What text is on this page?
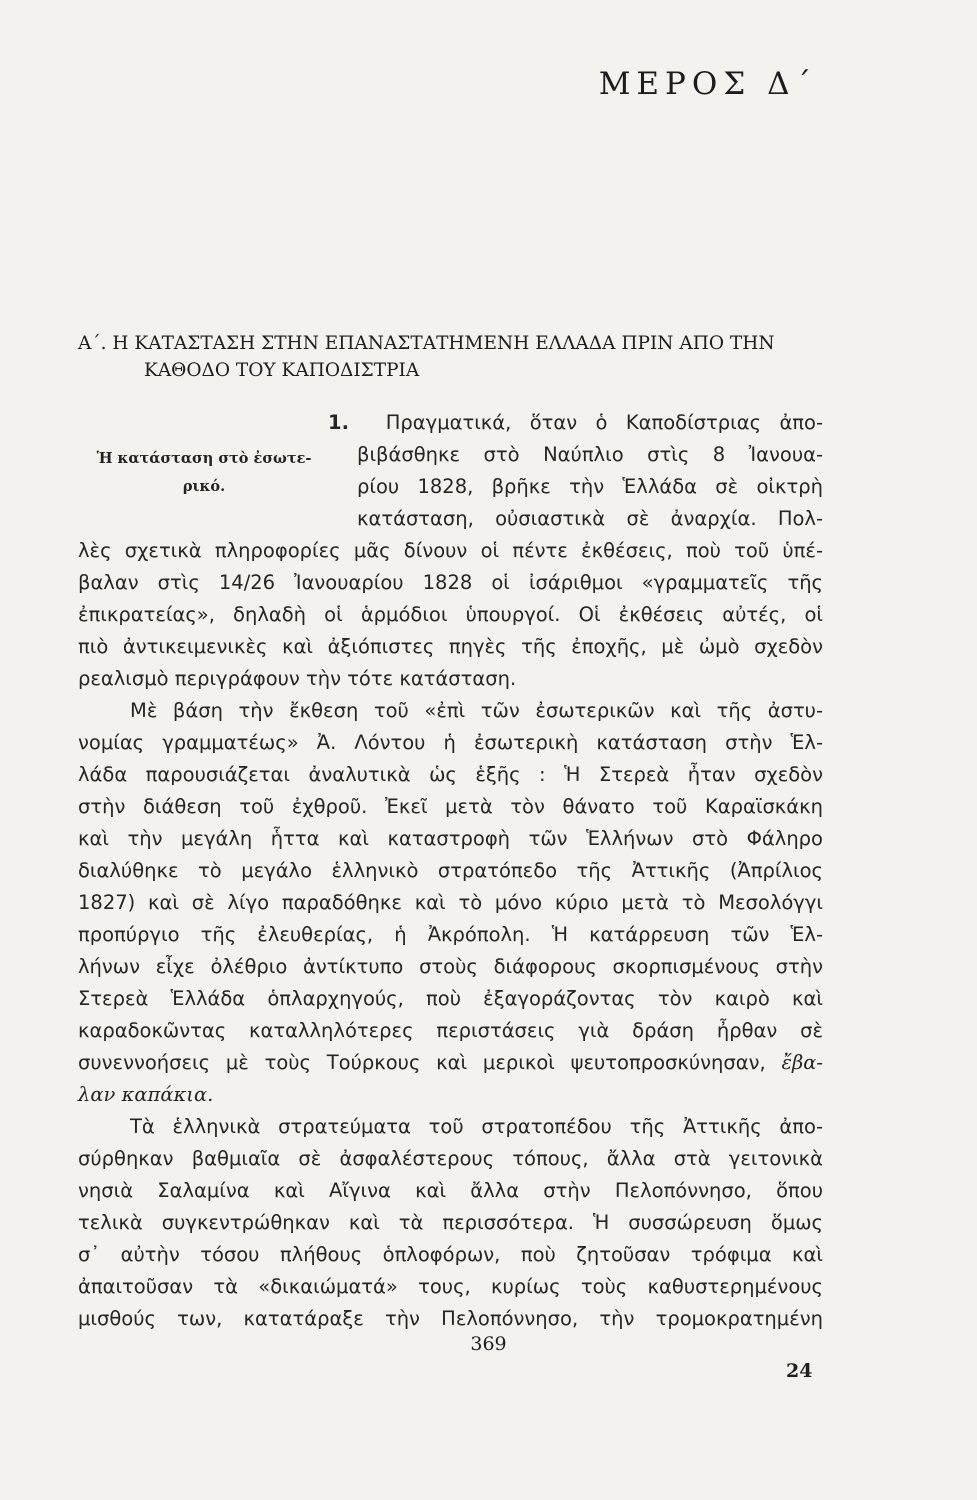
ΜΕΡΟΣ Δ΄
Α΄. Η ΚΑΤΑΣΤΑΣΗ ΣΤΗΝ ΕΠΑΝΑΣΤΑΤΗΜΕΝΗ ΕΛΛΑΔΑ ΠΡΙΝ ΑΠΟ ΤΗΝ
ΚΑΘΟΔΟ ΤΟΥ ΚΑΠΟΔΙΣΤΡΙΑ
Ἡ κατάσταση στὸ ἐσωτε-
ρικό.
1. Πραγματικά, ὅταν ὁ Καποδίστριας ἀπο-
βιβάσθηκε στὸ Ναύπλιο στὶς 8 Ἰανουα-
ρίου 1828, βρῆκε τὴν Ἑλλάδα σὲ οἰκτρὴ
κατάσταση, οὐσιαστικὰ σὲ ἀναρχία. Πολ-
λὲς σχετικὰ πληροφορίες μᾶς δίνουν οἱ πέντε ἐκθέσεις, ποὺ τοῦ ὑπέ-
βαλαν στὶς 14/26 Ἰανουαρίου 1828 οἱ ἰσάριθμοι «γραμματεῖς τῆς
ἐπικρατείας», δηλαδὴ οἱ ἁρμόδιοι ὑπουργοί. Οἱ ἐκθέσεις αὐτές, οἱ
πιὸ ἀντικειμενικὲς καὶ ἀξιόπιστες πηγὲς τῆς ἐποχῆς, μὲ ὠμὸ σχεδὸν
ρεαλισμὸ περιγράφουν τὴν τότε κατάσταση.
Μὲ βάση τὴν ἔκθεση τοῦ «ἐπὶ τῶν ἐσωτερικῶν καὶ τῆς ἀστυ-
νομίας γραμματέως» Ἀ. Λόντου ἡ ἐσωτερικὴ κατάσταση στὴν Ἑλ-
λάδα παρουσιάζεται ἀναλυτικὰ ὡς ἑξῆς : Ἡ Στερεὰ ἦταν σχεδὸν
στὴν διάθεση τοῦ ἐχθροῦ. Ἐκεῖ μετὰ τὸν θάνατο τοῦ Καραϊσκάκη
καὶ τὴν μεγάλη ἧττα καὶ καταστροφὴ τῶν Ἑλλήνων στὸ Φάληρο
διαλύθηκε τὸ μεγάλο ἑλληνικὸ στρατόπεδο τῆς Ἀττικῆς (Ἀπρίλιος
1827) καὶ σὲ λίγο παραδόθηκε καὶ τὸ μόνο κύριο μετὰ τὸ Μεσολόγγι
προπύργιο τῆς ἐλευθερίας, ἡ Ἀκρόπολη. Ἡ κατάρρευση τῶν Ἑλ-
λήνων εἶχε ὀλέθριο ἀντίκτυπο στοὺς διάφορους σκορπισμένους στὴν
Στερεὰ Ἑλλάδα ὁπλαρχηγούς, ποὺ ἐξαγοράζοντας τὸν καιρὸ καὶ
καραδοκῶντας καταλληλότερες περιστάσεις γιὰ δράση ἦρθαν σὲ
συνεννοήσεις μὲ τοὺς Τούρκους καὶ μερικοὶ ψευτοπροσκύνησαν, ἔβα-
λαν καπάκια.
Τὰ ἑλληνικὰ στρατεύματα τοῦ στρατοπέδου τῆς Ἀττικῆς ἀπο-
σύρθηκαν βαθμιαῖα σὲ ἀσφαλέστερους τόπους, ἄλλα στὰ γειτονικὰ
νησιὰ Σαλαμίνα καὶ Αἴγινα καὶ ἄλλα στὴν Πελοπόννησο, ὅπου
τελικὰ συγκεντρώθηκαν καὶ τὰ περισσότερα. Ἡ συσσώρευση ὅμως
σ᾽ αὐτὴν τόσου πλήθους ὁπλοφόρων, ποὺ ζητοῦσαν τρόφιμα καὶ
ἀπαιτοῦσαν τὰ «δικαιώματά» τους, κυρίως τοὺς καθυστερημένους
μισθούς των, κατατάραξε τὴν Πελοπόννησο, τὴν τρομοκρατημένη
369
24
